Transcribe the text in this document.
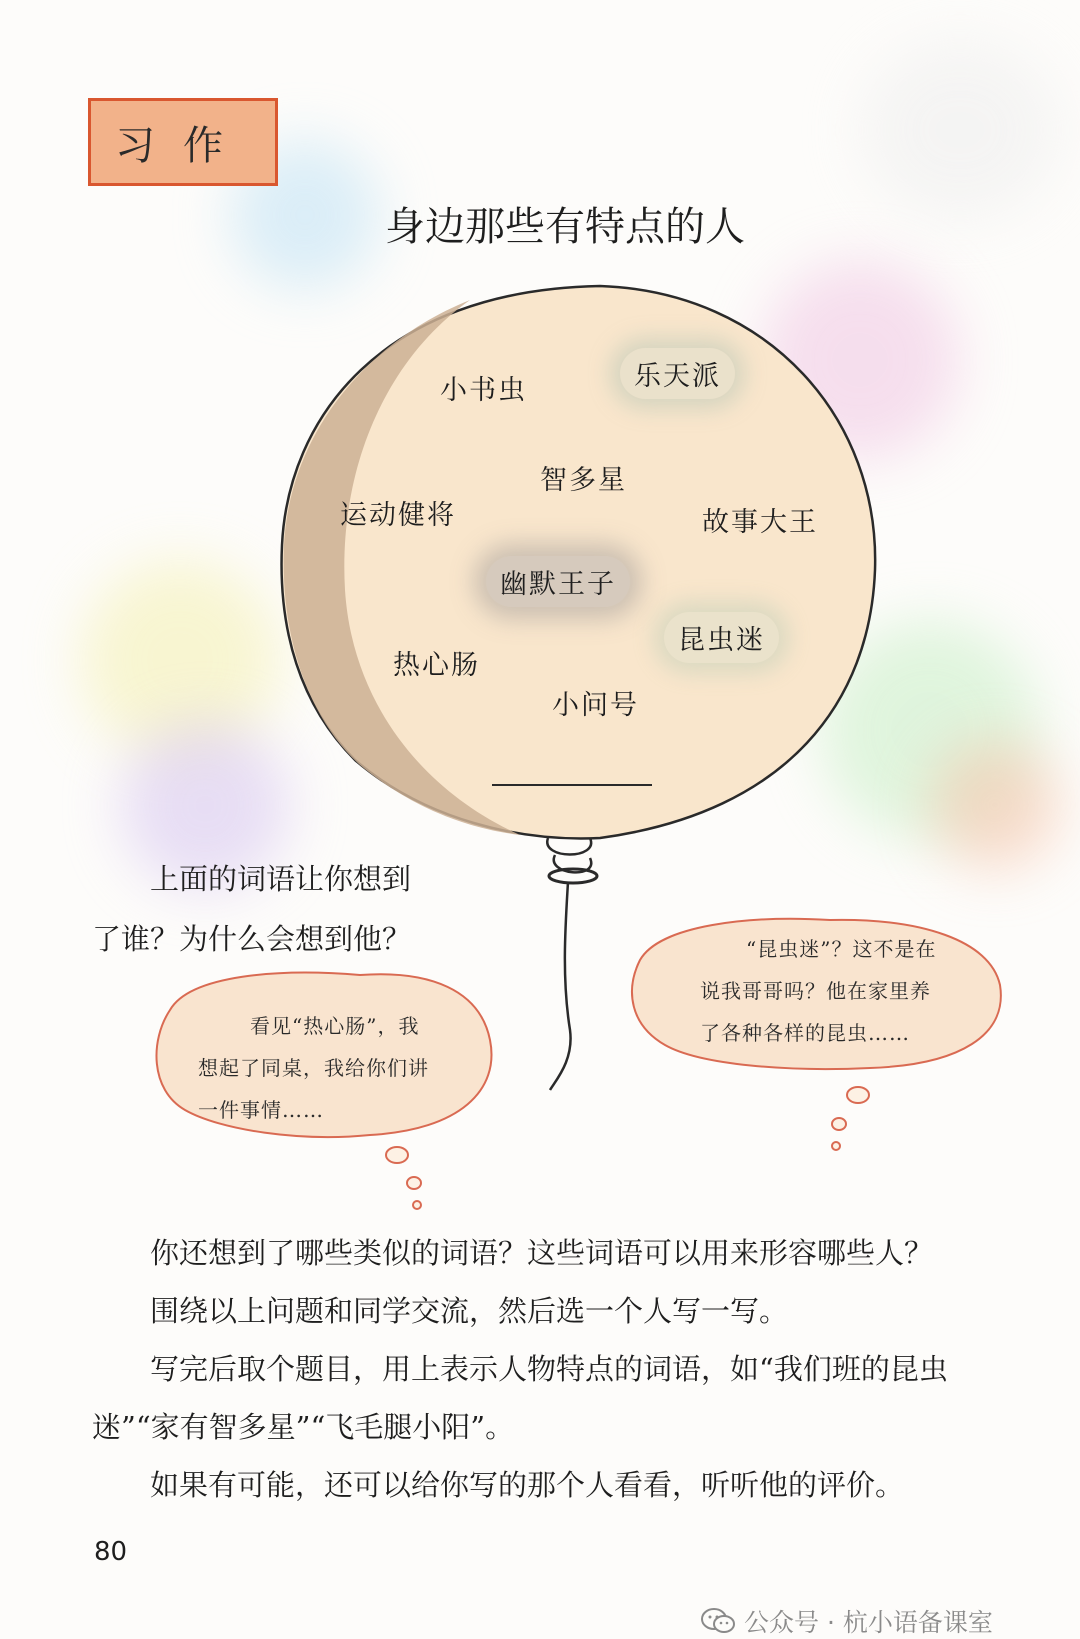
习作
身边那些有特点的人
小书虫	乐天派
智多星
运动健将	故事大王
幽默王子
昆虫迷
热心肠
小问号
上面的词语让你想到
了谁？为什么会想到他？
看见“热心肠”，我
想起了同桌，我给你们讲
一件事情……
“昆虫迷”？这不是在
说我哥哥吗？他在家里养
了各种各样的昆虫……
你还想到了哪些类似的词语？这些词语可以用来形容哪些人？
围绕以上问题和同学交流，然后选一个人写一写。
写完后取个题目，用上表示人物特点的词语，如“我们班的昆虫迷”“家有智多星”“飞毛腿小阳”。
如果有可能，还可以给你写的那个人看看，听听他的评价。
80
公众号 · 杭小语备课室
